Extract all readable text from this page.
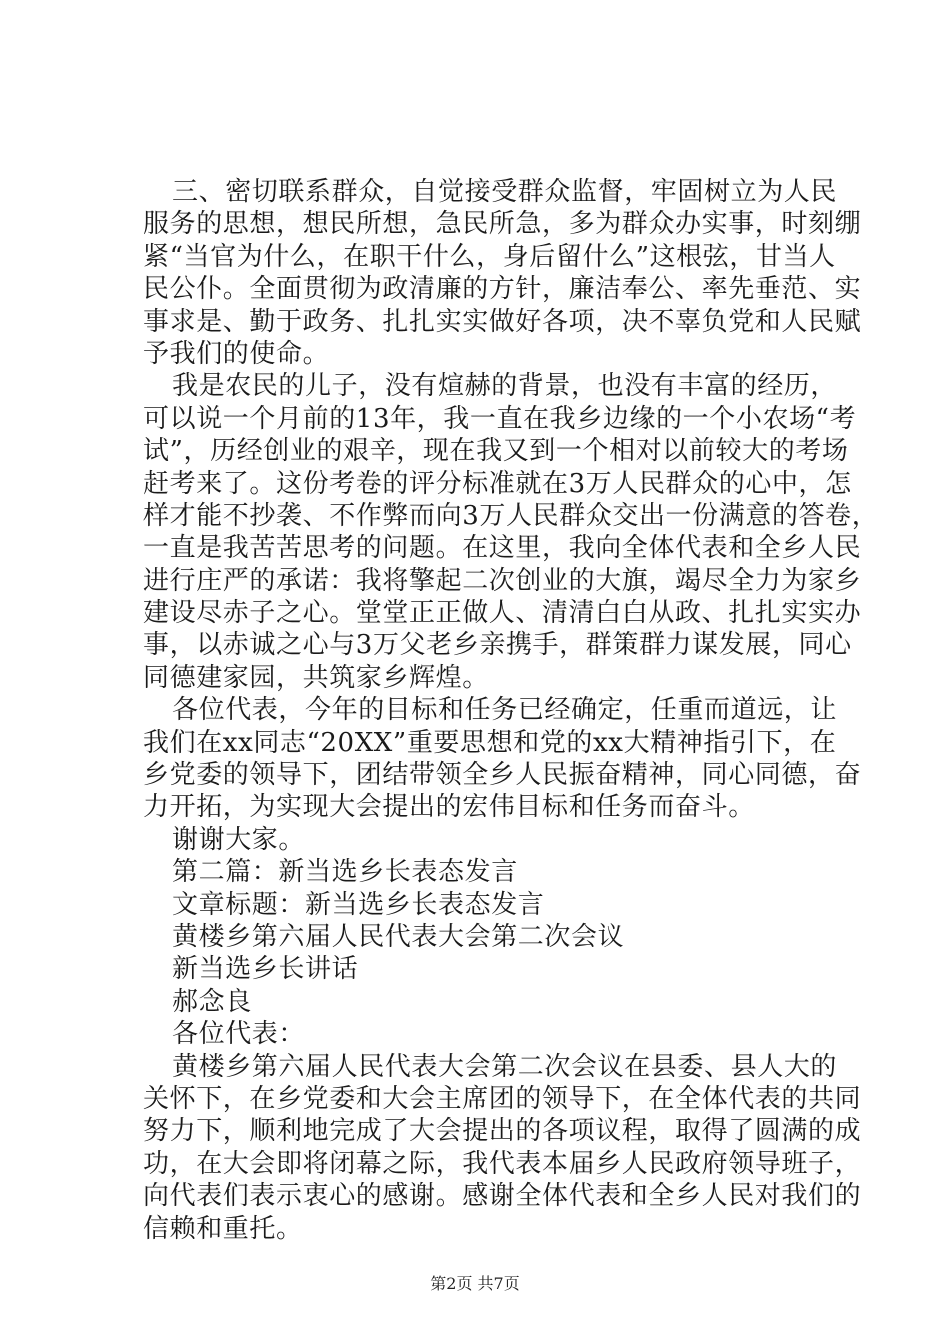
三、密切联系群众，自觉接受群众监督，牢固树立为人民
服务的思想，想民所想，急民所急，多为群众办实事，时刻绷
紧“当官为什么，在职干什么，身后留什么”这根弦，甘当人
民公仆。全面贯彻为政清廉的方针，廉洁奉公、率先垂范、实
事求是、勤于政务、扎扎实实做好各项，决不辜负党和人民赋
予我们的使命。
我是农民的儿子，没有煊赫的背景，也没有丰富的经历，
可以说一个月前的13年，我一直在我乡边缘的一个小农场“考
试”，历经创业的艰辛，现在我又到一个相对以前较大的考场
赶考来了。这份考卷的评分标准就在3万人民群众的心中，怎
样才能不抄袭、不作弊而向3万人民群众交出一份满意的答卷，
一直是我苦苦思考的问题。在这里，我向全体代表和全乡人民
进行庄严的承诺：我将擎起二次创业的大旗，竭尽全力为家乡
建设尽赤子之心。堂堂正正做人、清清白白从政、扎扎实实办
事，以赤诚之心与3万父老乡亲携手，群策群力谋发展，同心
同德建家园，共筑家乡辉煌。
各位代表，今年的目标和任务已经确定，任重而道远，让
我们在xx同志“20XX”重要思想和党的xx大精神指引下，在
乡党委的领导下，团结带领全乡人民振奋精神，同心同德，奋
力开拓，为实现大会提出的宏伟目标和任务而奋斗。
谢谢大家。
第二篇：新当选乡长表态发言
文章标题：新当选乡长表态发言
黄楼乡第六届人民代表大会第二次会议
新当选乡长讲话
郝念良
各位代表：
黄楼乡第六届人民代表大会第二次会议在县委、县人大的
关怀下，在乡党委和大会主席团的领导下，在全体代表的共同
努力下，顺利地完成了大会提出的各项议程，取得了圆满的成
功，在大会即将闭幕之际，我代表本届乡人民政府领导班子，
向代表们表示衷心的感谢。感谢全体代表和全乡人民对我们的
信赖和重托。
第2页 共7页
